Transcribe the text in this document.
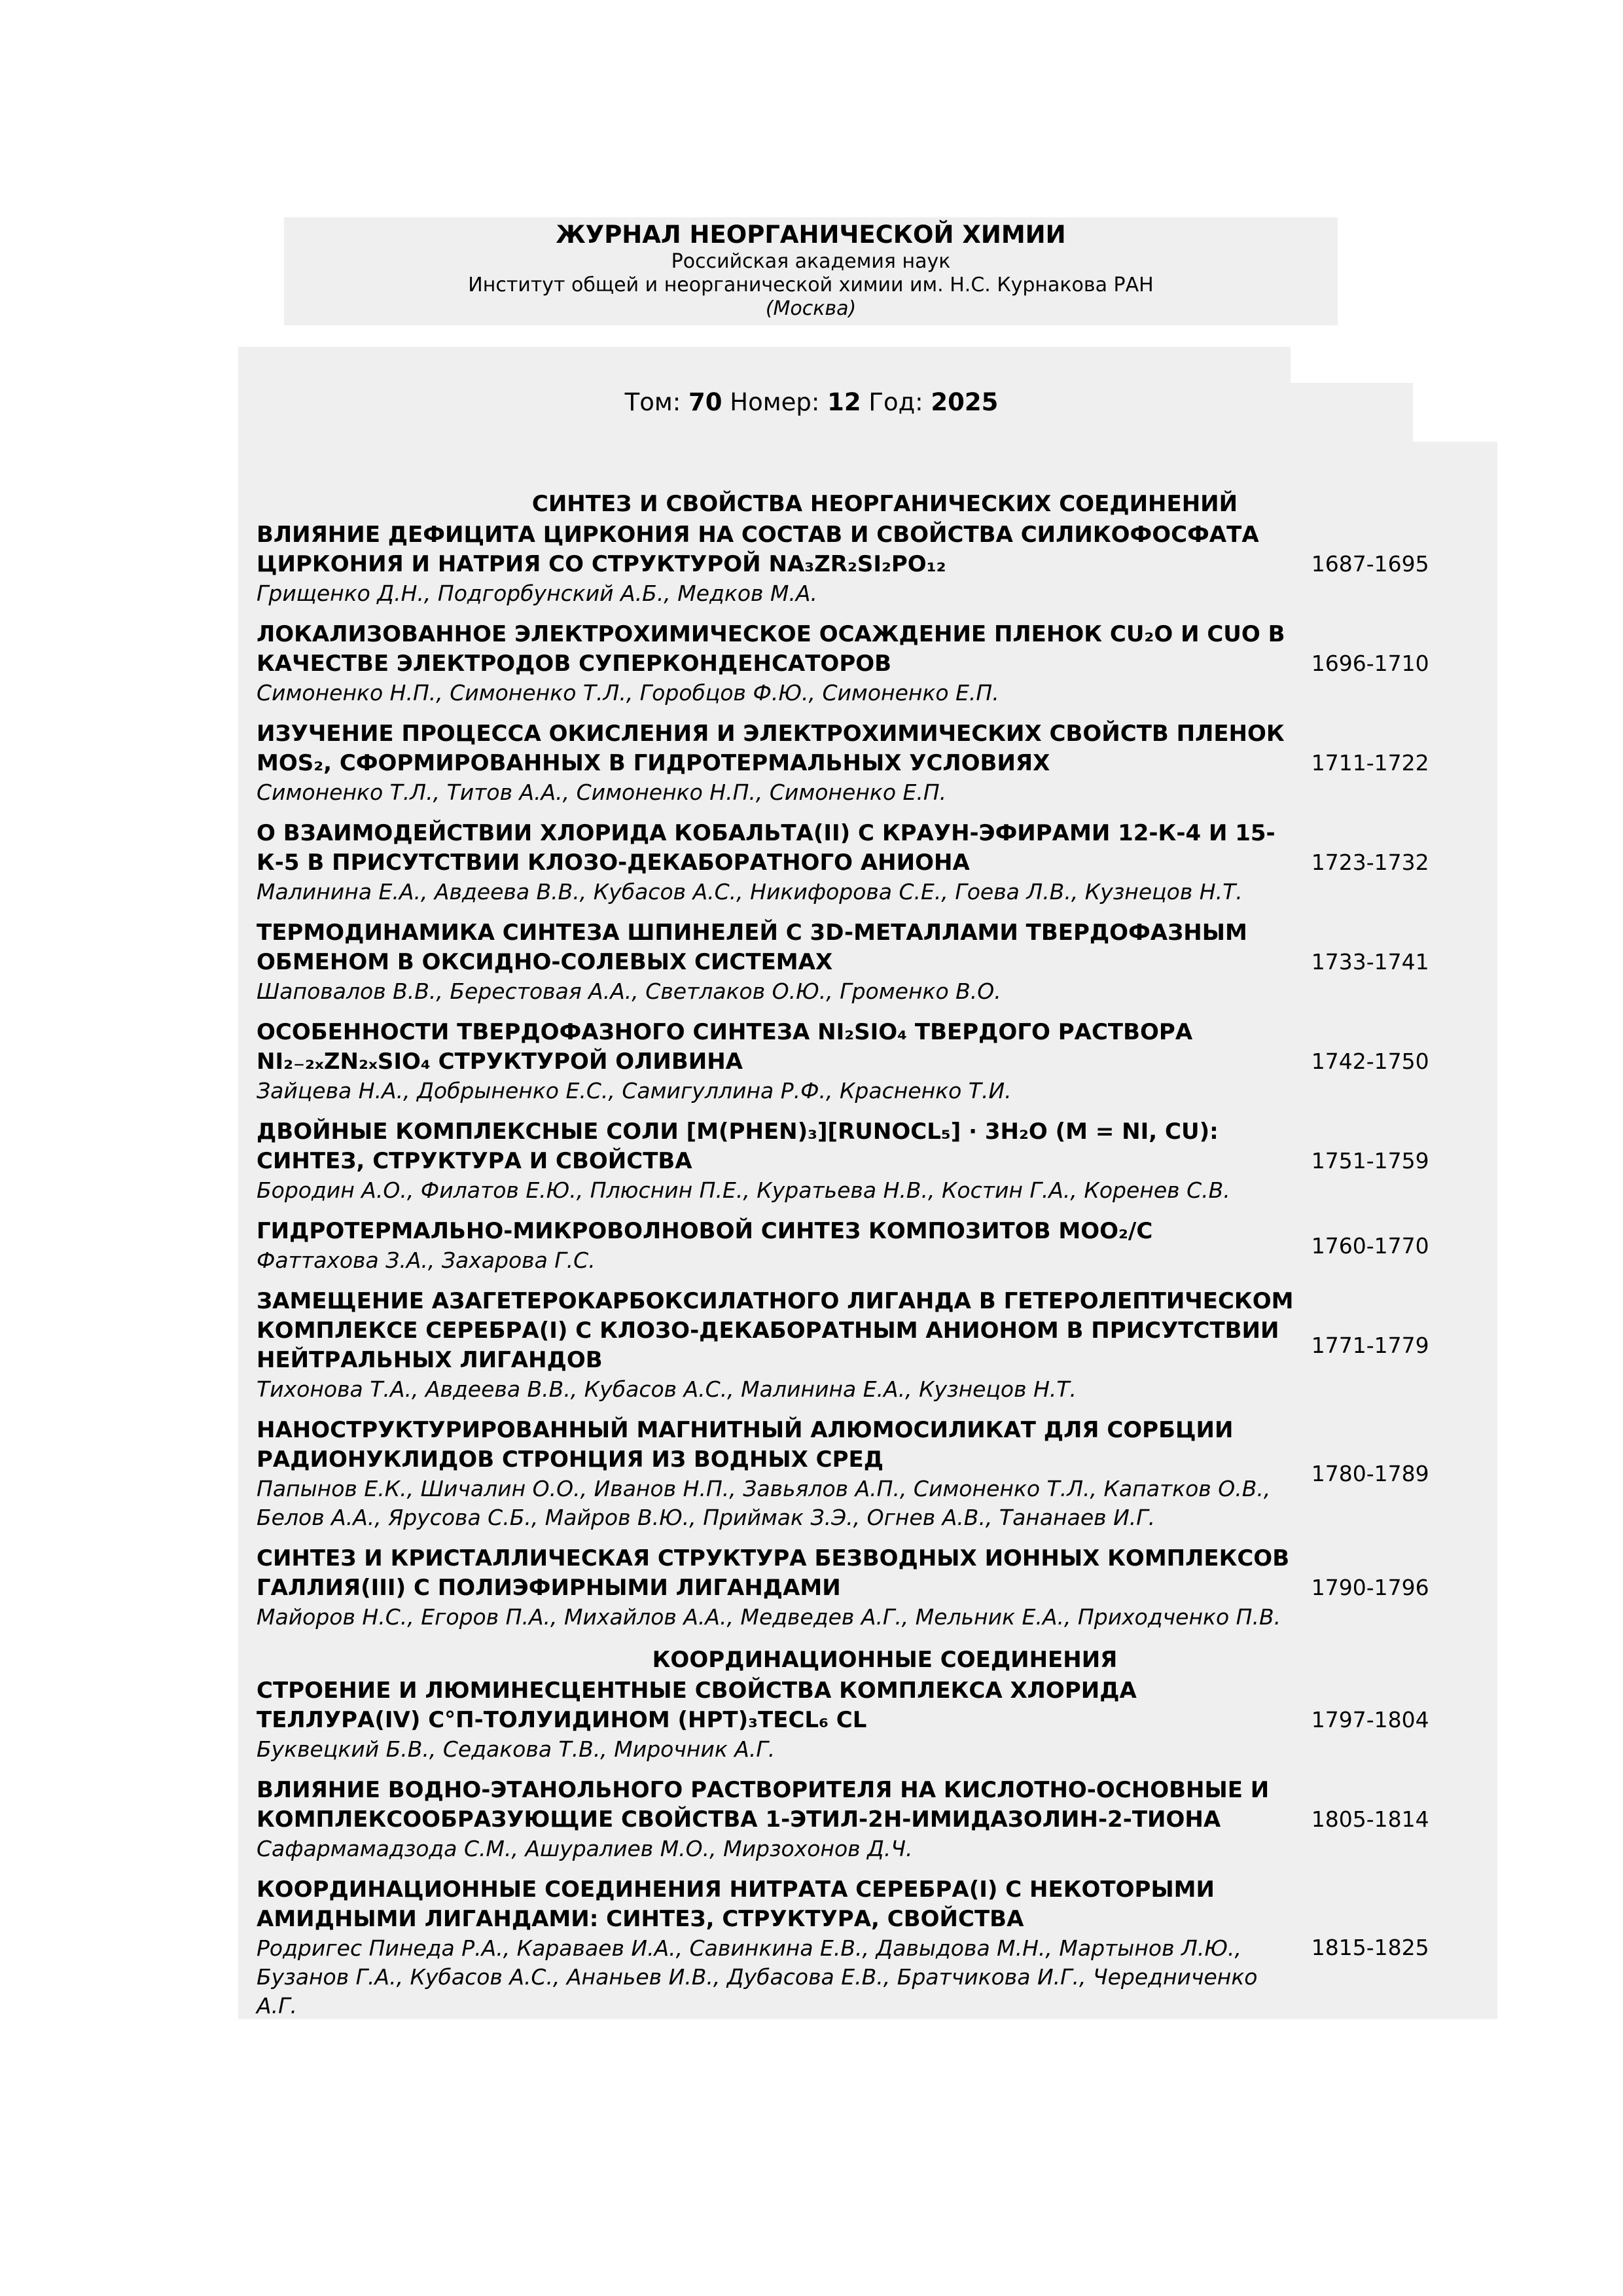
ЖУРНАЛ НЕОРГАНИЧЕСКОЙ ХИМИИ
Российская академия наук
Институт общей и неорганической химии им. Н.С. Курнакова РАН
(Москва)
Том: 70 Номер: 12 Год: 2025
СИНТЕЗ И СВОЙСТВА НЕОРГАНИЧЕСКИХ СОЕДИНЕНИЙ
ВЛИЯНИЕ ДЕФИЦИТА ЦИРКОНИЯ НА СОСТАВ И СВОЙСТВА СИЛИКОФОСФАТА ЦИРКОНИЯ И НАТРИЯ СО СТРУКТУРОЙ NA₃ZR₂SI₂PO₁₂
Грищенко Д.Н., Подгорбунский А.Б., Медков М.А.
1687-1695
ЛОКАЛИЗОВАННОЕ ЭЛЕКТРОХИМИЧЕСКОЕ ОСАЖДЕНИЕ ПЛЕНОК CU₂O И CUO В КАЧЕСТВЕ ЭЛЕКТРОДОВ СУПЕРКОНДЕНСАТОРОВ
Симоненко Н.П., Симоненко Т.Л., Горобцов Ф.Ю., Симоненко Е.П.
1696-1710
ИЗУЧЕНИЕ ПРОЦЕССА ОКИСЛЕНИЯ И ЭЛЕКТРОХИМИЧЕСКИХ СВОЙСТВ ПЛЕНОК MOS₂, СФОРМИРОВАННЫХ В ГИДРОТЕРМАЛЬНЫХ УСЛОВИЯХ
Симоненко Т.Л., Титов А.А., Симоненко Н.П., Симоненко Е.П.
1711-1722
О ВЗАИМОДЕЙСТВИИ ХЛОРИДА КОБАЛЬТА(II) С КРАУН-ЭФИРАМИ 12-К-4 И 15-К-5 В ПРИСУТСТВИИ КЛОЗО-ДЕКАБОРАТНОГО АНИОНА
Малинина Е.А., Авдеева В.В., Кубасов А.С., Никифорова С.Е., Гоева Л.В., Кузнецов Н.Т.
1723-1732
ТЕРМОДИНАМИКА СИНТЕЗА ШПИНЕЛЕЙ С 3D-МЕТАЛЛАМИ ТВЕРДОФАЗНЫМ ОБМЕНОМ В ОКСИДНО-СОЛЕВЫХ СИСТЕМАХ
Шаповалов В.В., Берестовая А.А., Светлаков О.Ю., Громенко В.О.
1733-1741
ОСОБЕННОСТИ ТВЕРДОФАЗНОГО СИНТЕЗА NI₂SIO₄ ТВЕРДОГО РАСТВОРА NI₂₋₂ₓZN₂ₓSIO₄ СТРУКТУРОЙ ОЛИВИНА
Зайцева Н.А., Добрыненко Е.С., Самигуллина Р.Ф., Красненко Т.И.
1742-1750
ДВОЙНЫЕ КОМПЛЕКСНЫЕ СОЛИ [M(PHEN)₃][RUNOCL₅] · 3H₂O (M = NI, CU): СИНТЕЗ, СТРУКТУРА И СВОЙСТВА
Бородин А.О., Филатов Е.Ю., Плюснин П.Е., Куратьева Н.В., Костин Г.А., Коренев С.В.
1751-1759
ГИДРОТЕРМАЛЬНО-МИКРОВОЛНОВОЙ СИНТЕЗ КОМПОЗИТОВ MOO₂/C
Фаттахова З.А., Захарова Г.С.
1760-1770
ЗАМЕЩЕНИЕ АЗАГЕТЕРОКАРБОКСИЛАТНОГО ЛИГАНДА В ГЕТЕРОЛЕПТИЧЕСКОМ КОМПЛЕКСЕ СЕРЕБРА(I) С КЛОЗО-ДЕКАБОРАТНЫМ АНИОНОМ В ПРИСУТСТВИИ НЕЙТРАЛЬНЫХ ЛИГАНДОВ
Тихонова Т.А., Авдеева В.В., Кубасов А.С., Малинина Е.А., Кузнецов Н.Т.
1771-1779
НАНОСТРУКТУРИРОВАННЫЙ МАГНИТНЫЙ АЛЮМОСИЛИКАТ ДЛЯ СОРБЦИИ РАДИОНУКЛИДОВ СТРОНЦИЯ ИЗ ВОДНЫХ СРЕД
Папынов Е.К., Шичалин О.О., Иванов Н.П., Завьялов А.П., Симоненко Т.Л., Капатков О.В., Белов А.А., Ярусова С.Б., Майров В.Ю., Приймак З.Э., Огнев А.В., Тананаев И.Г.
1780-1789
СИНТЕЗ И КРИСТАЛЛИЧЕСКАЯ СТРУКТУРА БЕЗВОДНЫХ ИОННЫХ КОМПЛЕКСОВ ГАЛЛИЯ(III) С ПОЛИЭФИРНЫМИ ЛИГАНДАМИ
Майоров Н.С., Егоров П.А., Михайлов А.А., Медведев А.Г., Мельник Е.А., Приходченко П.В.
1790-1796
КООРДИНАЦИОННЫЕ СОЕДИНЕНИЯ
СТРОЕНИЕ И ЛЮМИНЕСЦЕНТНЫЕ СВОЙСТВА КОМПЛЕКСА ХЛОРИДА ТЕЛЛУРА(IV) С°П-ТОЛУИДИНОМ (HPT)₃TECL₆ CL
Буквецкий Б.В., Седакова Т.В., Мирочник А.Г.
1797-1804
ВЛИЯНИЕ ВОДНО-ЭТАНОЛЬНОГО РАСТВОРИТЕЛЯ НА КИСЛОТНО-ОСНОВНЫЕ И КОМПЛЕКСООБРАЗУЮЩИЕ СВОЙСТВА 1-ЭТИЛ-2Н-ИМИДАЗОЛИН-2-ТИОНА
Сафармамадзода С.М., Ашуралиев М.О., Мирзохонов Д.Ч.
1805-1814
КООРДИНАЦИОННЫЕ СОЕДИНЕНИЯ НИТРАТА СЕРЕБРА(I) С НЕКОТОРЫМИ АМИДНЫМИ ЛИГАНДАМИ: СИНТЕЗ, СТРУКТУРА, СВОЙСТВА
Родригес Пинеда Р.А., Караваев И.А., Савинкина Е.В., Давыдова М.Н., Мартынов Л.Ю., Бузанов Г.А., Кубасов А.С., Ананьев И.В., Дубасова Е.В., Братчикова И.Г., Чередниченко А.Г.
1815-1825
